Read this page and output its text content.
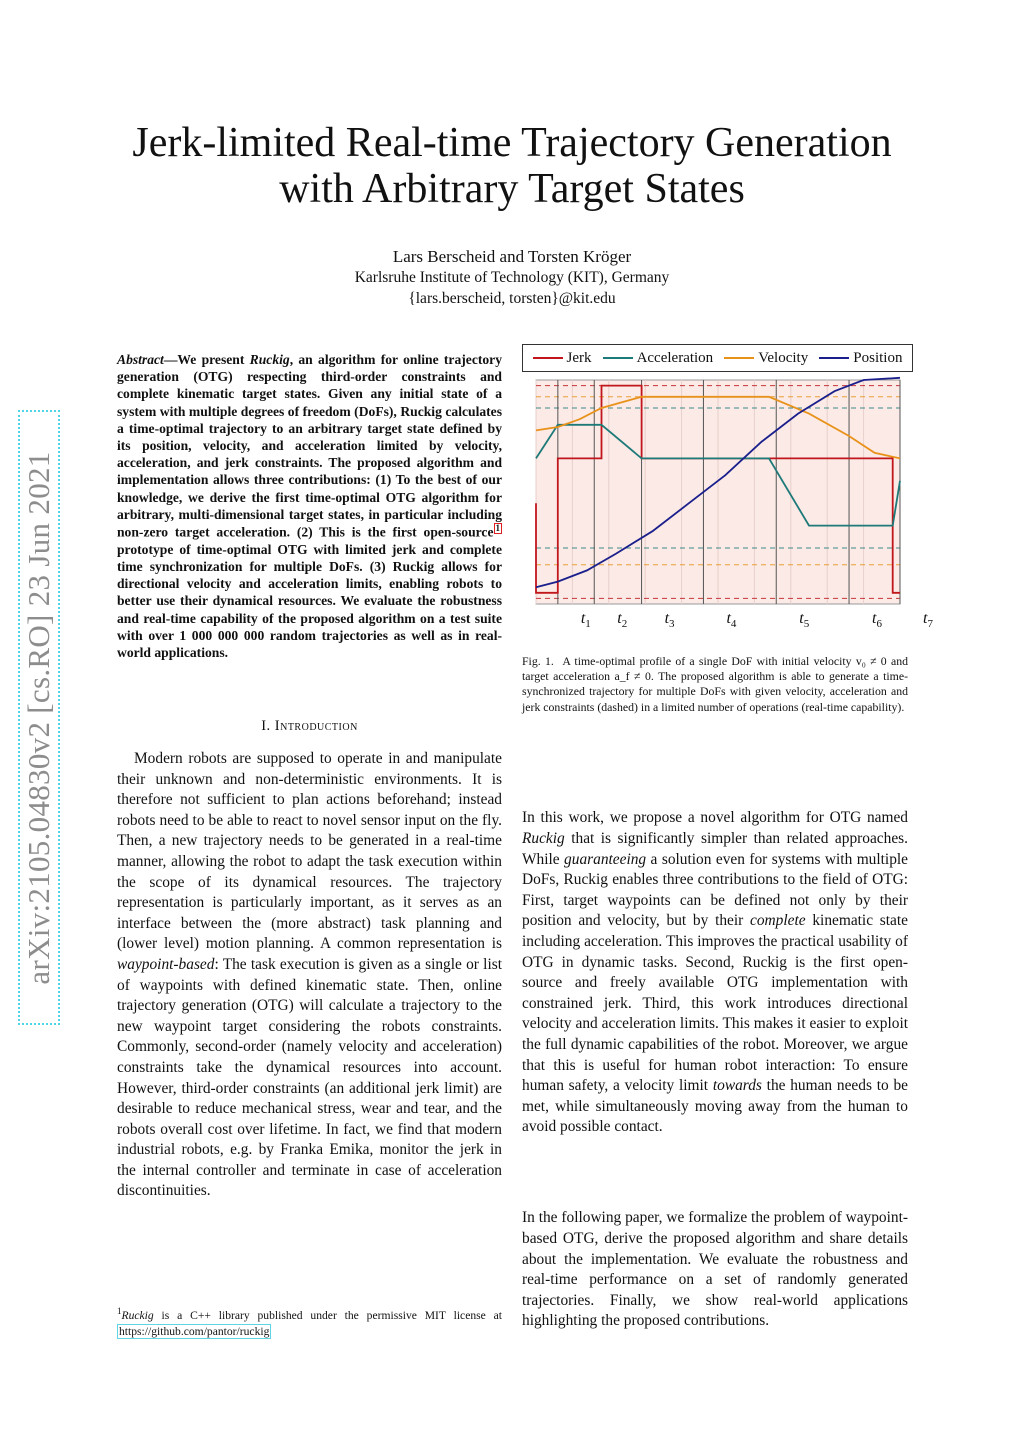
arXiv:2105.04830v2 [cs.RO] 23 Jun 2021
Jerk-limited Real-time Trajectory Generation
with Arbitrary Target States
Lars Berscheid and Torsten Kröger
Karlsruhe Institute of Technology (KIT), Germany
{lars.berscheid, torsten}@kit.edu
Abstract—We present Ruckig, an algorithm for online trajectory generation (OTG) respecting third-order constraints and complete kinematic target states. Given any initial state of a system with multiple degrees of freedom (DoFs), Ruckig calculates a time-optimal trajectory to an arbitrary target state defined by its position, velocity, and acceleration limited by velocity, acceleration, and jerk constraints. The proposed algorithm and implementation allows three contributions: (1) To the best of our knowledge, we derive the first time-optimal OTG algorithm for arbitrary, multi-dimensional target states, in particular including non-zero target acceleration. (2) This is the first open-source 1 prototype of time-optimal OTG with limited jerk and complete time synchronization for multiple DoFs. (3) Ruckig allows for directional velocity and acceleration limits, enabling robots to better use their dynamical resources. We evaluate the robustness and real-time capability of the proposed algorithm on a test suite with over 1 000 000 000 random trajectories as well as in real-world applications.
I. Introduction

Modern robots are supposed to operate in and manipulate their unknown and non-deterministic environments. It is therefore not sufficient to plan actions beforehand; instead robots need to be able to react to novel sensor input on the fly. Then, a new trajectory needs to be generated in a real-time manner, allowing the robot to adapt the task execution within the scope of its dynamical resources. The trajectory representation is particularly important, as it serves as an interface between the (more abstract) task planning and (lower level) motion planning. A common representation is waypoint-based: The task execution is given as a single or list of waypoints with defined kinematic state. Then, online trajectory generation (OTG) will calculate a trajectory to the new waypoint target considering the robots constraints. Commonly, second-order (namely velocity and acceleration) constraints take the dynamical resources into account. However, third-order constraints (an additional jerk limit) are desirable to reduce mechanical stress, wear and tear, and the robots overall cost over lifetime. In fact, we find that modern industrial robots, e.g. by Franka Emika, monitor the jerk in the internal controller and terminate in case of acceleration discontinuities.

$^1$Ruckig is a C++ library published under the permissive MIT license at https://github.com/pantor/ruckig
Jerk	Acceleration	Velocity	Position
$t_1$ $t_2$ $t_3$	$t_4$	$t_5$	$t_6$	$t_7$
Fig. 1. A time-optimal profile of a single DoF with initial velocity v₀ ≠ 0 and target acceleration a_f ≠ 0. The proposed algorithm is able to generate a time-synchronized trajectory for multiple DoFs with given velocity, acceleration and jerk constraints (dashed) in a limited number of operations (real-time capability).

In this work, we propose a novel algorithm for OTG named Ruckig that is significantly simpler than related approaches. While guaranteeing a solution even for systems with multiple DoFs, Ruckig enables three contributions to the field of OTG: First, target waypoints can be defined not only by their position and velocity, but by their complete kinematic state including acceleration. This improves the practical usability of OTG in dynamic tasks. Second, Ruckig is the first open-source and freely available OTG implementation with constrained jerk. Third, this work introduces directional velocity and acceleration limits. This makes it easier to exploit the full dynamic capabilities of the robot. Moreover, we argue that this is useful for human robot interaction: To ensure human safety, a velocity limit towards the human needs to be met, while simultaneously moving away from the human to avoid possible contact.

In the following paper, we formalize the problem of waypoint-based OTG, derive the proposed algorithm and share details about the implementation. We evaluate the robustness and real-time performance on a set of randomly generated trajectories. Finally, we show real-world applications highlighting the proposed contributions.
